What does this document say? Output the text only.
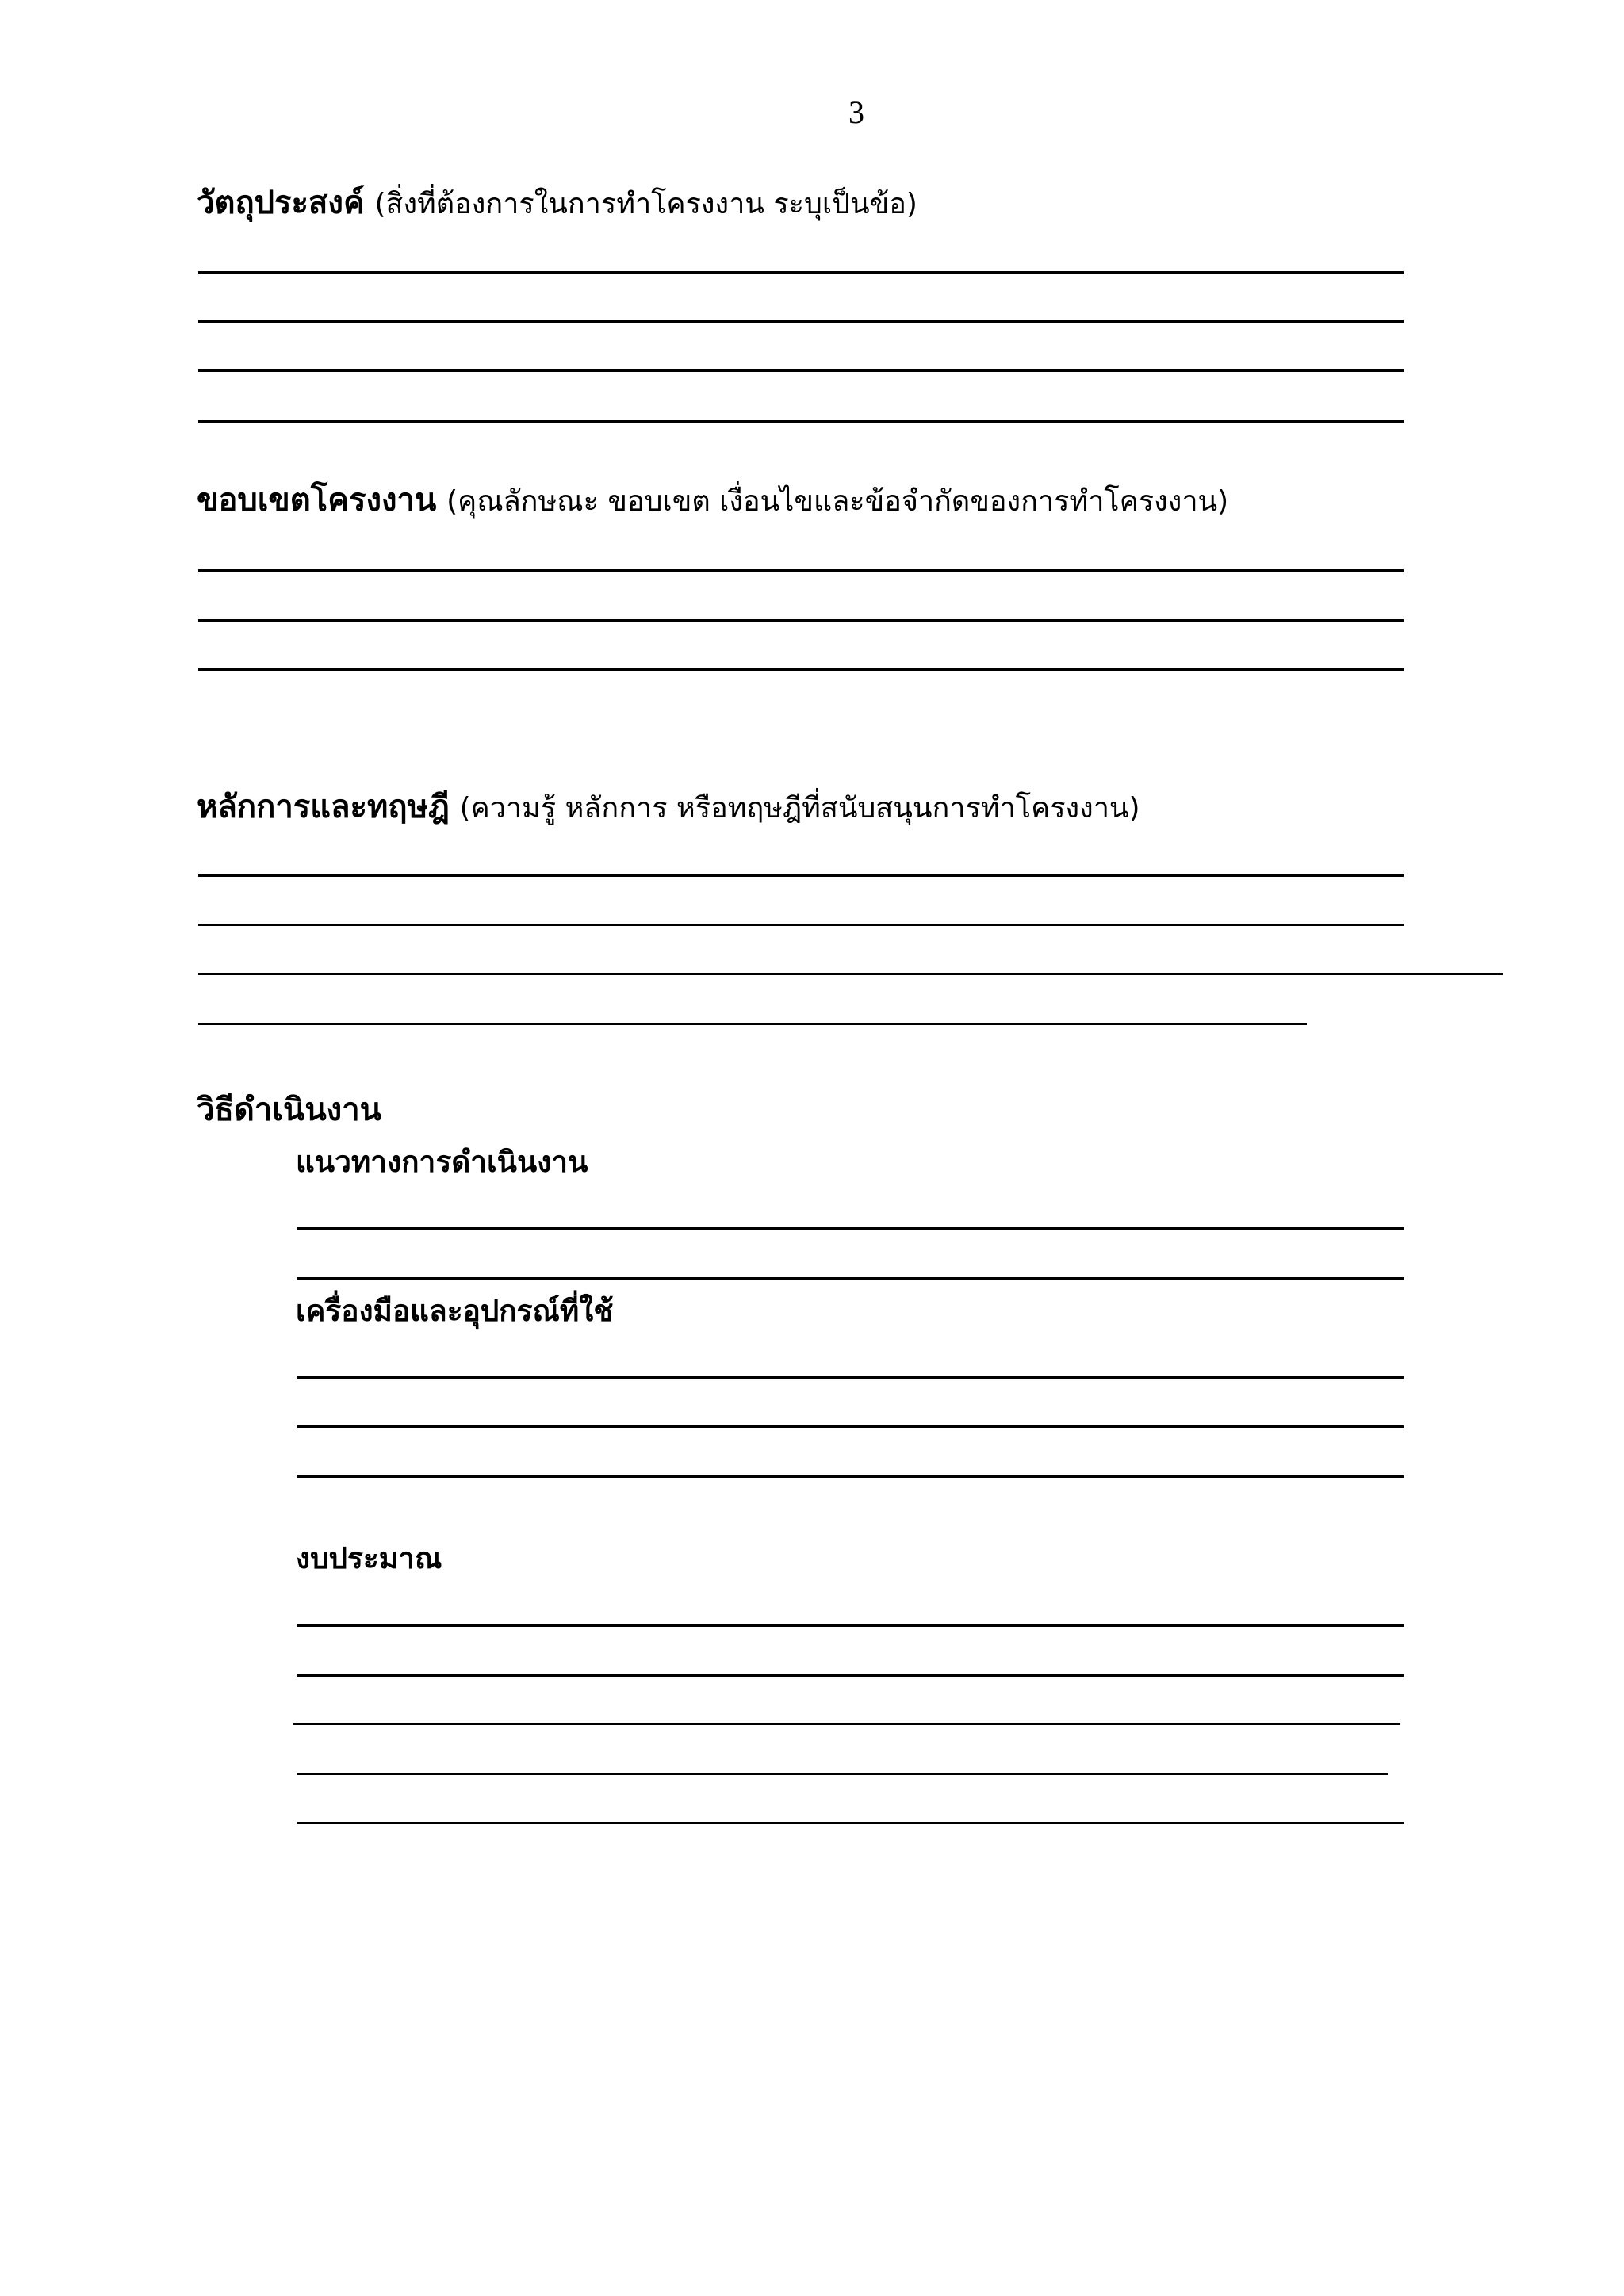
3
วัตถุประสงค์ (สิ่งที่ต้องการในการทำโครงงาน ระบุเป็นข้อ)
ขอบเขตโครงงาน (คุณลักษณะ ขอบเขต เงื่อนไขและข้อจำกัดของการทำโครงงาน)
หลักการและทฤษฎี (ความรู้ หลักการ หรือทฤษฎีที่สนับสนุนการทำโครงงาน)
วิธีดำเนินงาน
แนวทางการดำเนินงาน
เครื่องมือและอุปกรณ์ที่ใช้
งบประมาณ
